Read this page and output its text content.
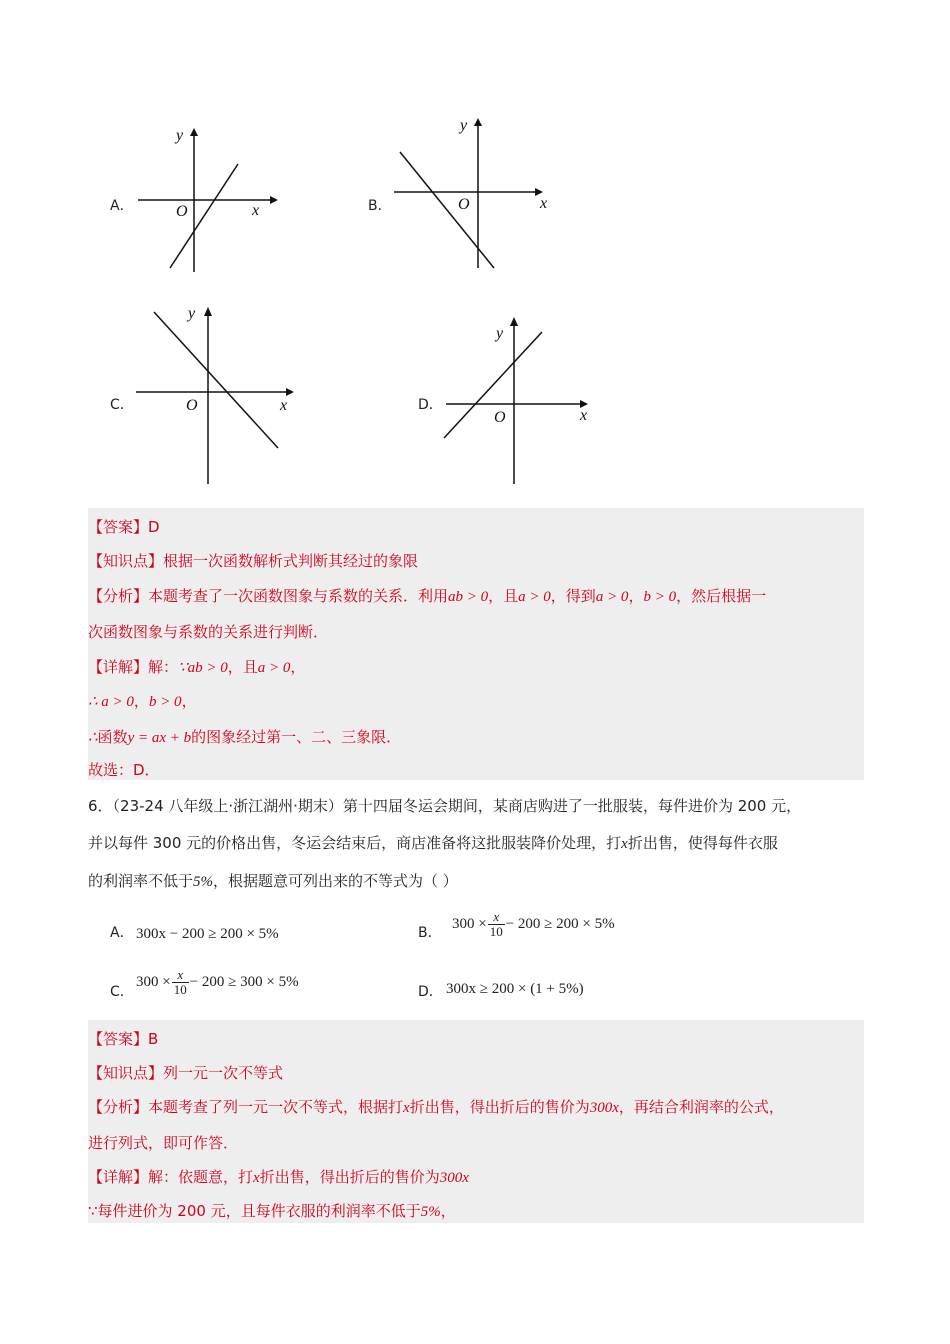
A．
y
x
O	B．
y
x
O
C．
y
x
O	D．
y
x
O
【答案】D
【知识点】根据一次函数解析式判断其经过的象限
【分析】本题考查了一次函数图象与系数的关系．利用ab > 0，且a > 0，得到a > 0，b > 0，然后根据一
次函数图象与系数的关系进行判断．
【详解】解：∵ab > 0，且a > 0，
∴ a > 0，b > 0，
∴函数y = ax + b的图象经过第一、二、三象限．
故选：D．
6．（23-24 八年级上·浙江湖州·期末）第十四届冬运会期间，某商店购进了一批服装，每件进价为 200 元，
并以每件 300 元的价格出售，冬运会结束后，商店准备将这批服装降价处理，打x折出售，使得每件衣服
的利润率不低于5%，根据题意可列出来的不等式为（ ）
A． 300x − 200 ≥ 200 × 5%	B．
$300 \times \frac{x}{10} - 200 \ge 200 \times 5\%$
C．
$300 \times \frac{x}{10} - 200 \ge 300 \times 5\%$
D． 300x ≥ 200 × (1 + 5%)
【答案】B
【知识点】列一元一次不等式
【分析】本题考查了列一元一次不等式，根据打x折出售，得出折后的售价为300x，再结合利润率的公式，
进行列式，即可作答．
【详解】解：依题意，打x折出售，得出折后的售价为300x
∵每件进价为 200 元，且每件衣服的利润率不低于5%，
